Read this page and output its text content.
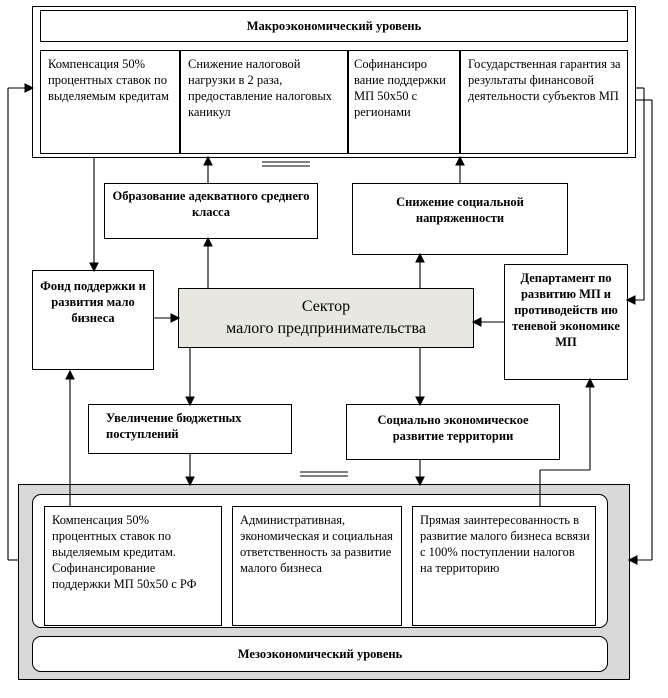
Макроэкономический уровень
Компенсация 50% процентных ставок по выделяемым кредитам
Снижение налоговой нагрузки в 2 раза, предоставление налоговых каникул
Софинансиро вание поддержки МП 50х50 с регионами
Государственная гарантия за результаты финансовой деятельности субъектов МП
Образование адекватного среднего класса
Снижение социальной напряженности
Фонд поддержки и развития мало бизнеса
Департамент по развитию МП и противодейств ию теневой экономике МП
Сектор
малого предпринимательства
Увеличение бюджетных поступлений
Социально экономическое развитие территории
Компенсация 50% процентных ставок по выделяемым кредитам. Софинансирование поддержки МП 50х50 с РФ
Административная, экономическая и социальная ответственность за развитие малого бизнеса
Прямая заинтересованность в развитие малого бизнеса всвязи с 100% поступлении налогов на территорию
Мезоэкономический уровень
